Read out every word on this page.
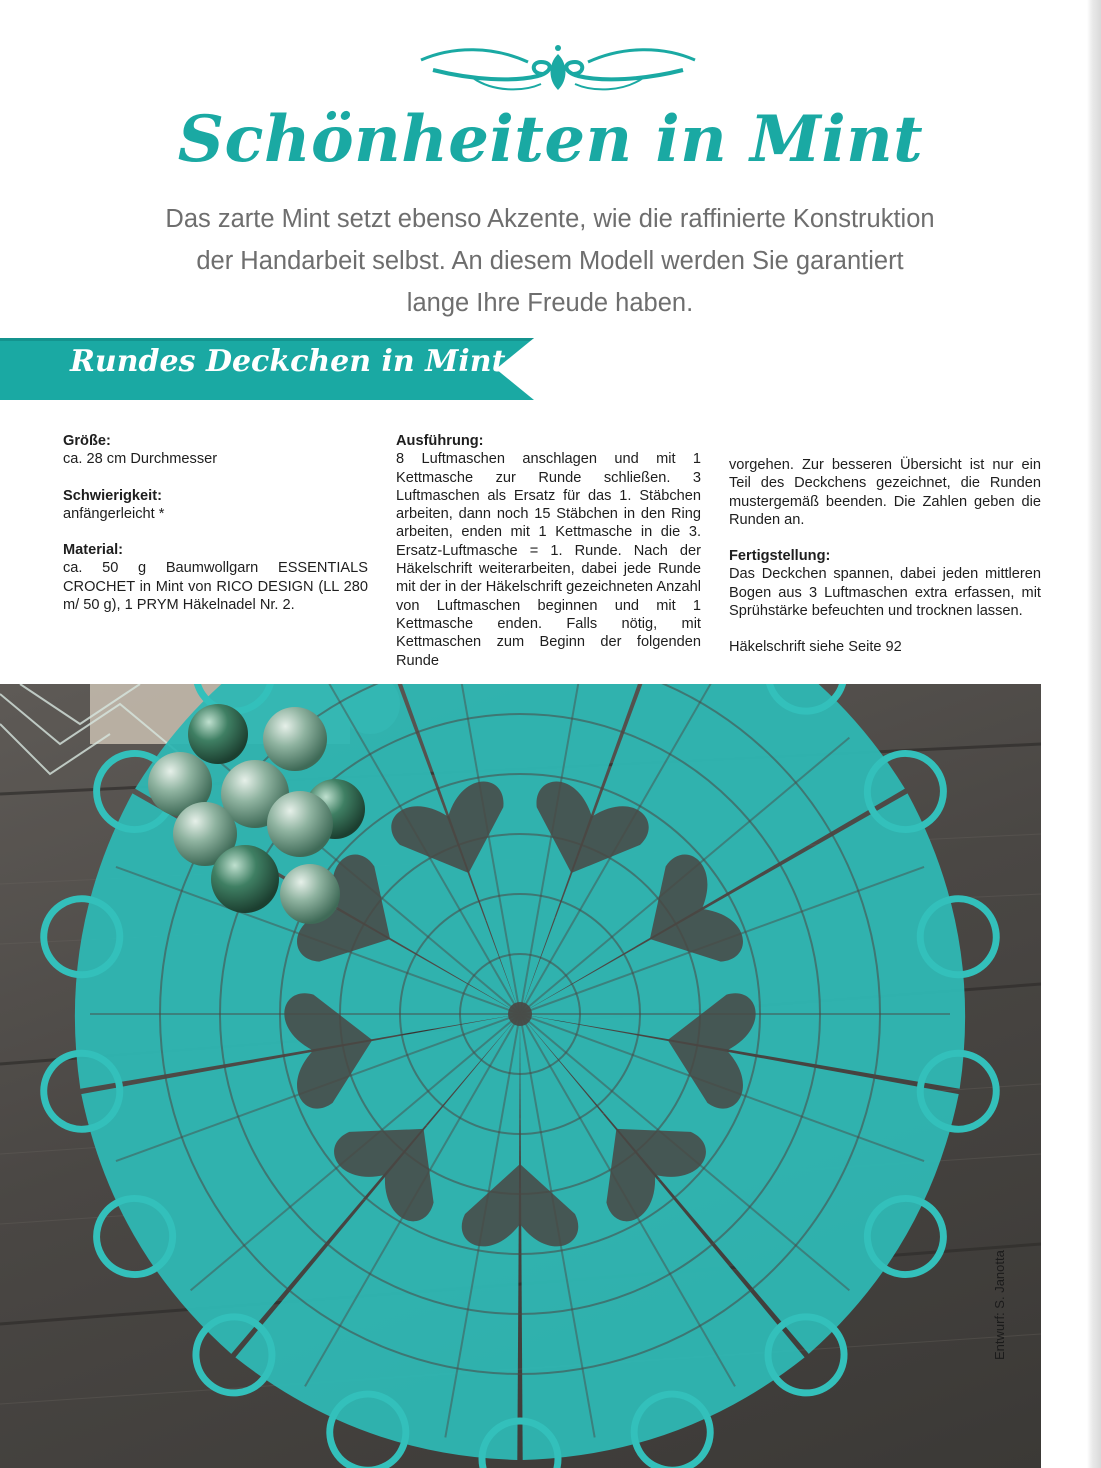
Schönheiten in Mint
Das zarte Mint setzt ebenso Akzente, wie die raffinierte Konstruktion
der Handarbeit selbst. An diesem Modell werden Sie garantiert
lange Ihre Freude haben.
Rundes Deckchen in Mint
Größe:
ca. 28 cm Durchmesser
Schwierigkeit:
anfängerleicht *
Material:
ca. 50 g Baumwollgarn ESSENTIALS CROCHET in Mint von RICO DESIGN (LL 280 m/ 50 g), 1 PRYM Häkelnadel Nr. 2.
Ausführung:
8 Luftmaschen anschlagen und mit 1 Kettmasche zur Runde schließen. 3 Luftmaschen als Ersatz für das 1. Stäbchen arbeiten, dann noch 15 Stäbchen in den Ring arbeiten, enden mit 1 Kettmasche in die 3. Ersatz-Luftmasche = 1. Runde. Nach der Häkelschrift weiterarbeiten, dabei jede Runde mit der in der Häkelschrift gezeichneten Anzahl von Luftmaschen beginnen und mit 1 Kettmasche enden. Falls nötig, mit Kettmaschen zum Beginn der folgenden Runde
vorgehen. Zur besseren Übersicht ist nur ein Teil des Deckchens gezeichnet, die Runden mustergemäß beenden. Die Zahlen geben die Runden an.
Fertigstellung:
Das Deckchen spannen, dabei jeden mittleren Bogen aus 3 Luftmaschen extra erfassen, mit Sprühstärke befeuchten und trocknen lassen.
Häkelschrift siehe Seite 92
Entwurf: S. Janotta
